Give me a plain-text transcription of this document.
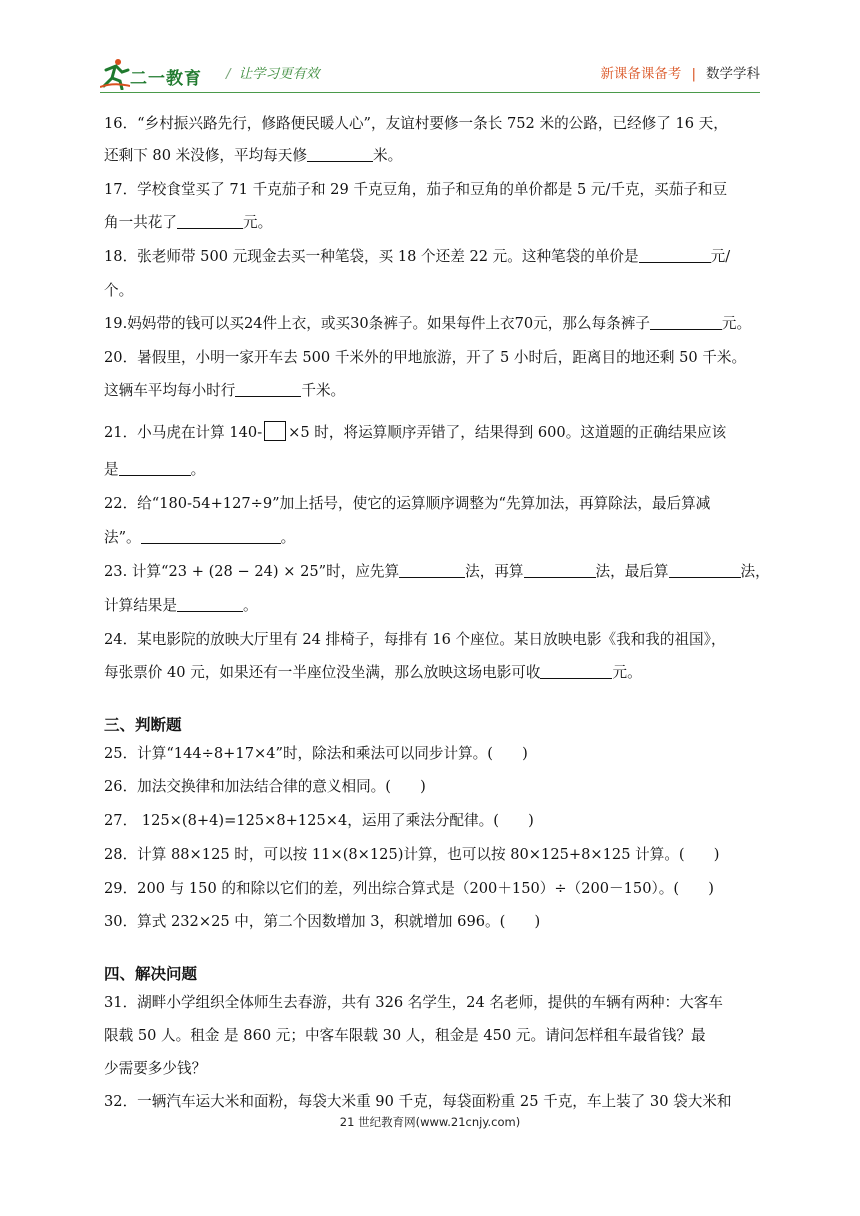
二一教育 / 让学习更有效	新课备课备考 | 数学学科
16．“乡村振兴路先行，修路便民暖人心”，友谊村要修一条长 752 米的公路，已经修了 16 天，
还剩下 80 米没修，平均每天修	米。
17．学校食堂买了 71 千克茄子和 29 千克豆角，茄子和豆角的单价都是 5 元/千克，买茄子和豆
角一共花了	元。
18．张老师带 500 元现金去买一种笔袋，买 18 个还差 22 元。这种笔袋的单价是	元/
个。
19.妈妈带的钱可以买24件上衣，或买30条裤子。如果每件上衣70元，那么每条裤子	元。
20．暑假里，小明一家开车去 500 千米外的甲地旅游，开了 5 小时后，距离目的地还剩 50 千米。
这辆车平均每小时行	千米。
21．小马虎在计算 140- ×5 时，将运算顺序弄错了，结果得到 600。这道题的正确结果应该
是	。
22．给“180-54+127÷9”加上括号，使它的运算顺序调整为“先算加法，再算除法，最后算减
法”。	。
23. 计算“23 + (28 − 24) × 25”时，应先算	法，再算	法，最后算	法，
计算结果是	。
24．某电影院的放映大厅里有 24 排椅子，每排有 16 个座位。某日放映电影《我和我的祖国》，
每张票价 40 元，如果还有一半座位没坐满，那么放映这场电影可收	元。
三、判断题
25．计算“144÷8+17×4”时，除法和乘法可以同步计算。(　　)
26．加法交换律和加法结合律的意义相同。(　　)
27． 125×(8+4)=125×8+125×4，运用了乘法分配律。(　　)
28．计算 88×125 时，可以按 11×(8×125)计算，也可以按 80×125+8×125 计算。(　　)
29．200 与 150 的和除以它们的差，列出综合算式是（200＋150）÷（200－150）。(　　)
30．算式 232×25 中，第二个因数增加 3，积就增加 696。(　　)
四、解决问题
31．湖畔小学组织全体师生去春游，共有 326 名学生，24 名老师，提供的车辆有两种：大客车
限载 50 人。租金 是 860 元；中客车限载 30 人，租金是 450 元。请问怎样租车最省钱？最
少需要多少钱？
32．一辆汽车运大米和面粉，每袋大米重 90 千克，每袋面粉重 25 千克，车上装了 30 袋大米和
21 世纪教育网(www.21cnjy.com)
